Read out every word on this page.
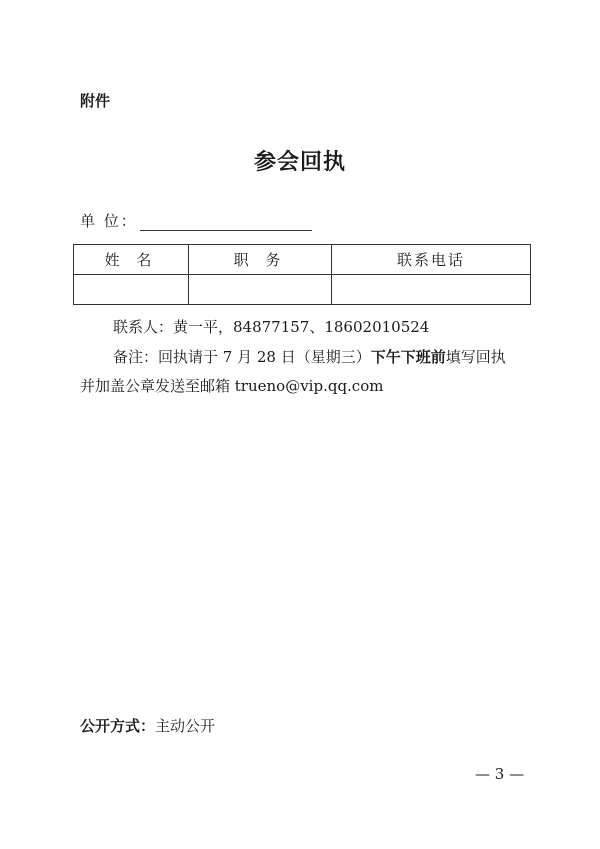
附件
参会回执
单 位：
姓 名	职 务	联系电话

联系人：黄一平，84877157、18602010524
备注：回执请于 7 月 28 日（星期三）下午下班前填写回执
并加盖公章发送至邮箱 trueno@vip.qq.com
公开方式：主动公开
— 3 —
